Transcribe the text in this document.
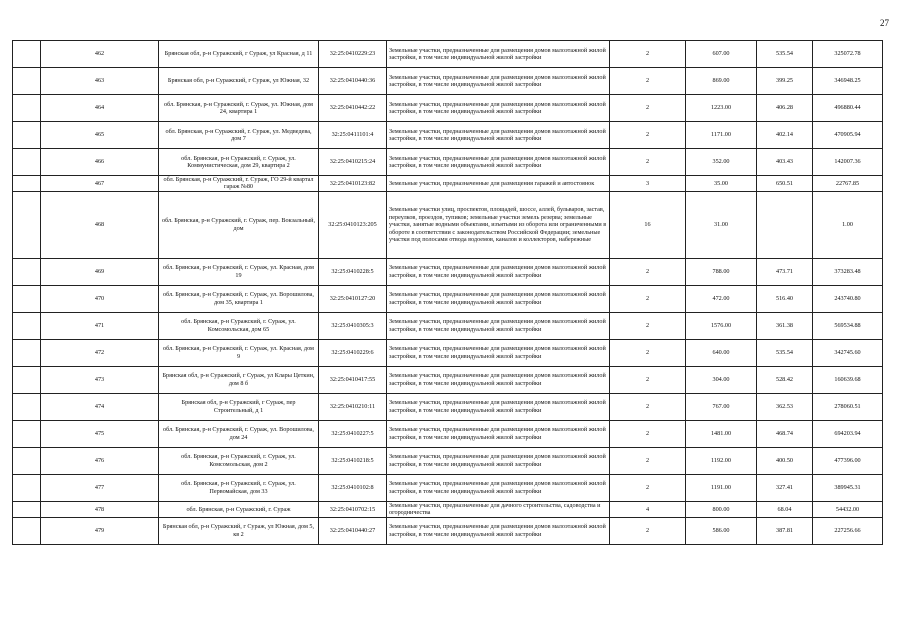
27
	462	Брянская обл, р-н Суражский, г Сураж, ул Красная, д 11	32:25:0410229:23	Земельные участки, предназначенные для размещения домов малоэтажной жилой застройки, в том числе индивидуальной жилой застройки	2	607.00	535.54	325072.78
	463	Брянская обл, р-н Суражский, г Сураж, ул Южная, 32	32:25:0410440:36	Земельные участки, предназначенные для размещения домов малоэтажной жилой застройки, в том числе индивидуальной жилой застройки	2	869.00	399.25	346948.25
	464	обл. Брянская, р-н Суражский, г. Сураж, ул. Южная, дом 24, квартира 1	32:25:0410442:22	Земельные участки, предназначенные для размещения домов малоэтажной жилой застройки, в том числе индивидуальной жилой застройки	2	1223.00	406.28	496880.44
	465	обл. Брянская, р-н Суражский, г. Сураж, ул. Медведева, дом 7	32:25:0411101:4	Земельные участки, предназначенные для размещения домов малоэтажной жилой застройки, в том числе индивидуальной жилой застройки	2	1171.00	402.14	470905.94
	466	обл. Брянская, р-н Суражский, г. Сураж, ул. Коммунистическая, дом 29, квартира 2	32:25:0410215:24	Земельные участки, предназначенные для размещения домов малоэтажной жилой застройки, в том числе индивидуальной жилой застройки	2	352.00	403.43	142007.36
	467	обл. Брянская, р-н Суражский, г. Сураж, ГО 29-й квартал гараж №80	32:25:0410123:82	Земельные участки, предназначенные для размещения гаражей и автостоянок	3	35.00	650.51	22767.85
	468	обл. Брянская, р-н Суражский, г. Сураж, пер. Вокзальный, дом	32:25:0410123:205	Земельные участки улиц, проспектов, площадей, шоссе, аллей, бульваров, застав, переулков, проездов, тупиков; земельные участки земель резерва; земельные участки, занятые водными объектами, изъятыми из оборота или ограниченными в обороте в соответствии с законодательством Российской Федерации; земельные участки под полосами отвода водоемов, каналов и коллекторов, набережные	16	31.00		1.00
	469	обл. Брянская, р-н Суражский, г. Сураж, ул. Красная, дом 19	32:25:0410228:5	Земельные участки, предназначенные для размещения домов малоэтажной жилой застройки, в том числе индивидуальной жилой застройки	2	788.00	473.71	373283.48
	470	обл. Брянская, р-н Суражский, г. Сураж, ул. Ворошилова, дом 35, квартира 1	32:25:0410127:20	Земельные участки, предназначенные для размещения домов малоэтажной жилой застройки, в том числе индивидуальной жилой застройки	2	472.00	516.40	243740.80
	471	обл. Брянская, р-н Суражский, г. Сураж, ул. Комсомольская, дом 65	32:25:0410305:3	Земельные участки, предназначенные для размещения домов малоэтажной жилой застройки, в том числе индивидуальной жилой застройки	2	1576.00	361.38	569534.88
	472	обл. Брянская, р-н Суражский, г. Сураж, ул. Красная, дом 9	32:25:0410229:6	Земельные участки, предназначенные для размещения домов малоэтажной жилой застройки, в том числе индивидуальной жилой застройки	2	640.00	535.54	342745.60
	473	Брянская обл, р-н Суражский, г Сураж, ул Клары Цеткин, дом 8 б	32:25:0410417:55	Земельные участки, предназначенные для размещения домов малоэтажной жилой застройки, в том числе индивидуальной жилой застройки	2	304.00	528.42	160639.68
	474	Брянская обл, р-н Суражский, г Сураж, пер Строительный, д 1	32:25:0410210:11	Земельные участки, предназначенные для размещения домов малоэтажной жилой застройки, в том числе индивидуальной жилой застройки	2	767.00	362.53	278060.51
	475	обл. Брянская, р-н Суражский, г. Сураж, ул. Ворошилова, дом 24	32:25:0410227:5	Земельные участки, предназначенные для размещения домов малоэтажной жилой застройки, в том числе индивидуальной жилой застройки	2	1481.00	468.74	694203.94
	476	обл. Брянская, р-н Суражский, г. Сураж, ул. Комсомольская, дом 2	32:25:0410218:5	Земельные участки, предназначенные для размещения домов малоэтажной жилой застройки, в том числе индивидуальной жилой застройки	2	1192.00	400.50	477396.00
	477	обл. Брянская, р-н Суражский, г. Сураж, ул. Первомайская, дом 33	32:25:0410102:8	Земельные участки, предназначенные для размещения домов малоэтажной жилой застройки, в том числе индивидуальной жилой застройки	2	1191.00	327.41	389945.31
	478	обл. Брянская, р-н Суражский, г. Сураж	32:25:0410702:15	Земельные участки, предназначенные для дачного строительства, садоводства и огородничества	4	800.00	68.04	54432.00
	479	Брянская обл, р-н Суражский, г Сураж, ул Южная, дом 5, кв 2	32:25:0410440:27	Земельные участки, предназначенные для размещения домов малоэтажной жилой застройки, в том числе индивидуальной жилой застройки	2	586.00	387.81	227256.66
